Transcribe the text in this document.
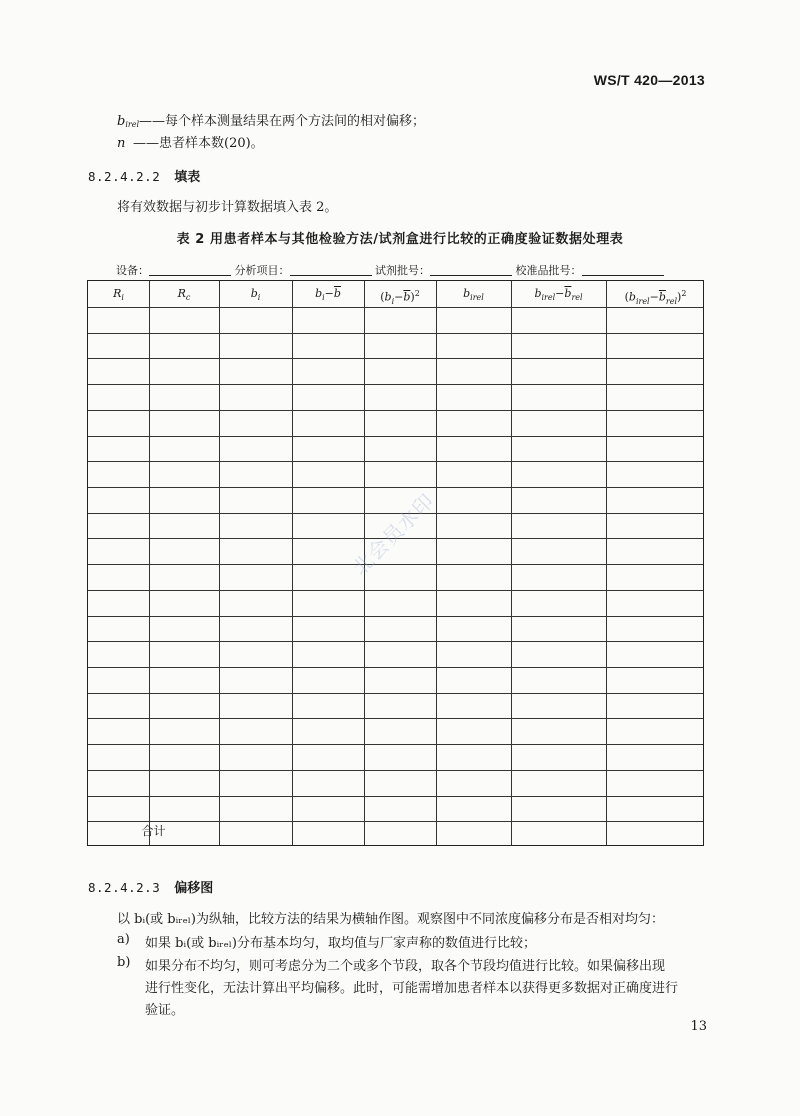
WS/T 420—2013
$b_{irel}——$每个样本测量结果在两个方法间的相对偏移；
n ——患者样本数(20)。
8.2.4.2.2 填表
将有效数据与初步计算数据填入表 2。
表 2 用患者样本与其他检验方法/试剂盒进行比较的正确度验证数据处理表
设备：	分析项目：	试剂批号：	校准品批号：
$R_i$	$R_c$	$b_i$	$b_i-\overline{b}$	$(b_i-\overline{b})^2$	$b_{irel}$	$b_{irel}-\overline{b}_{rel}$	$(b_{irel}-\overline{b}_{rel})^2$
合计
8.2.4.2.3 偏移图
以 bᵢ(或 bᵢᵣₑₗ)为纵轴，比较方法的结果为横轴作图。观察图中不同浓度偏移分布是否相对均匀：
a) 如果 bᵢ(或 bᵢᵣₑₗ)分布基本均匀，取均值与厂家声称的数值进行比较；
b) 如果分布不均匀，则可考虑分为二个或多个节段，取各个节段均值进行比较。如果偏移出现
进行性变化，无法计算出平均偏移。此时，可能需增加患者样本以获得更多数据对正确度进行
验证。
13
北会员水印
